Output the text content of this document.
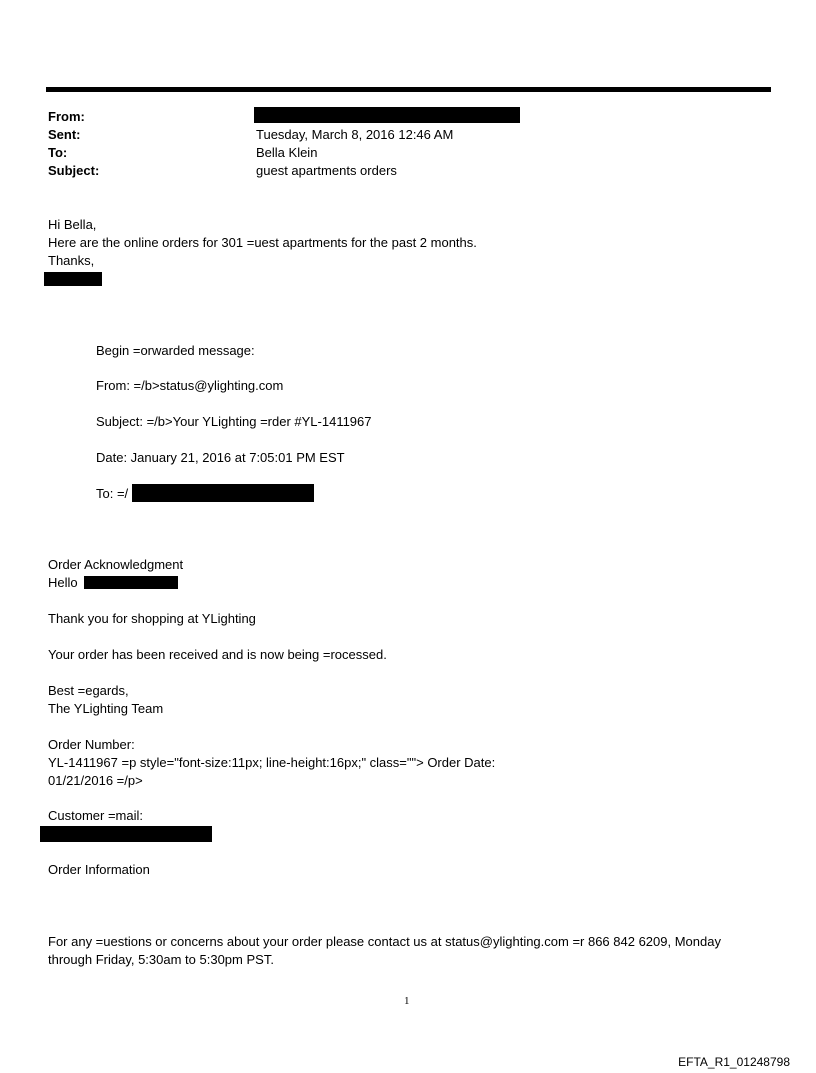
From:
Sent:	Tuesday, March 8, 2016 12:46 AM
To:	Bella Klein
Subject:	guest apartments orders
Hi Bella,
Here are the online orders for 301 =uest apartments for the past 2 months.
Thanks,
Begin =orwarded message:
From: =/b>status@ylighting.com
Subject: =/b>Your YLighting =rder #YL-1411967
Date: January 21, 2016 at 7:05:01 PM EST
To: =/
Order Acknowledgment
Hello
Thank you for shopping at YLighting
Your order has been received and is now being =rocessed.
Best =egards,
The YLighting Team
Order Number:
YL-1411967 =p style="font-size:11px; line-height:16px;" class=""> Order Date:
01/21/2016 =/p>
Customer =mail:
Order Information
For any =uestions or concerns about your order please contact us at status@ylighting.com =r 866 842 6209, Monday
through Friday, 5:30am to 5:30pm PST.
1
EFTA_R1_01248798
